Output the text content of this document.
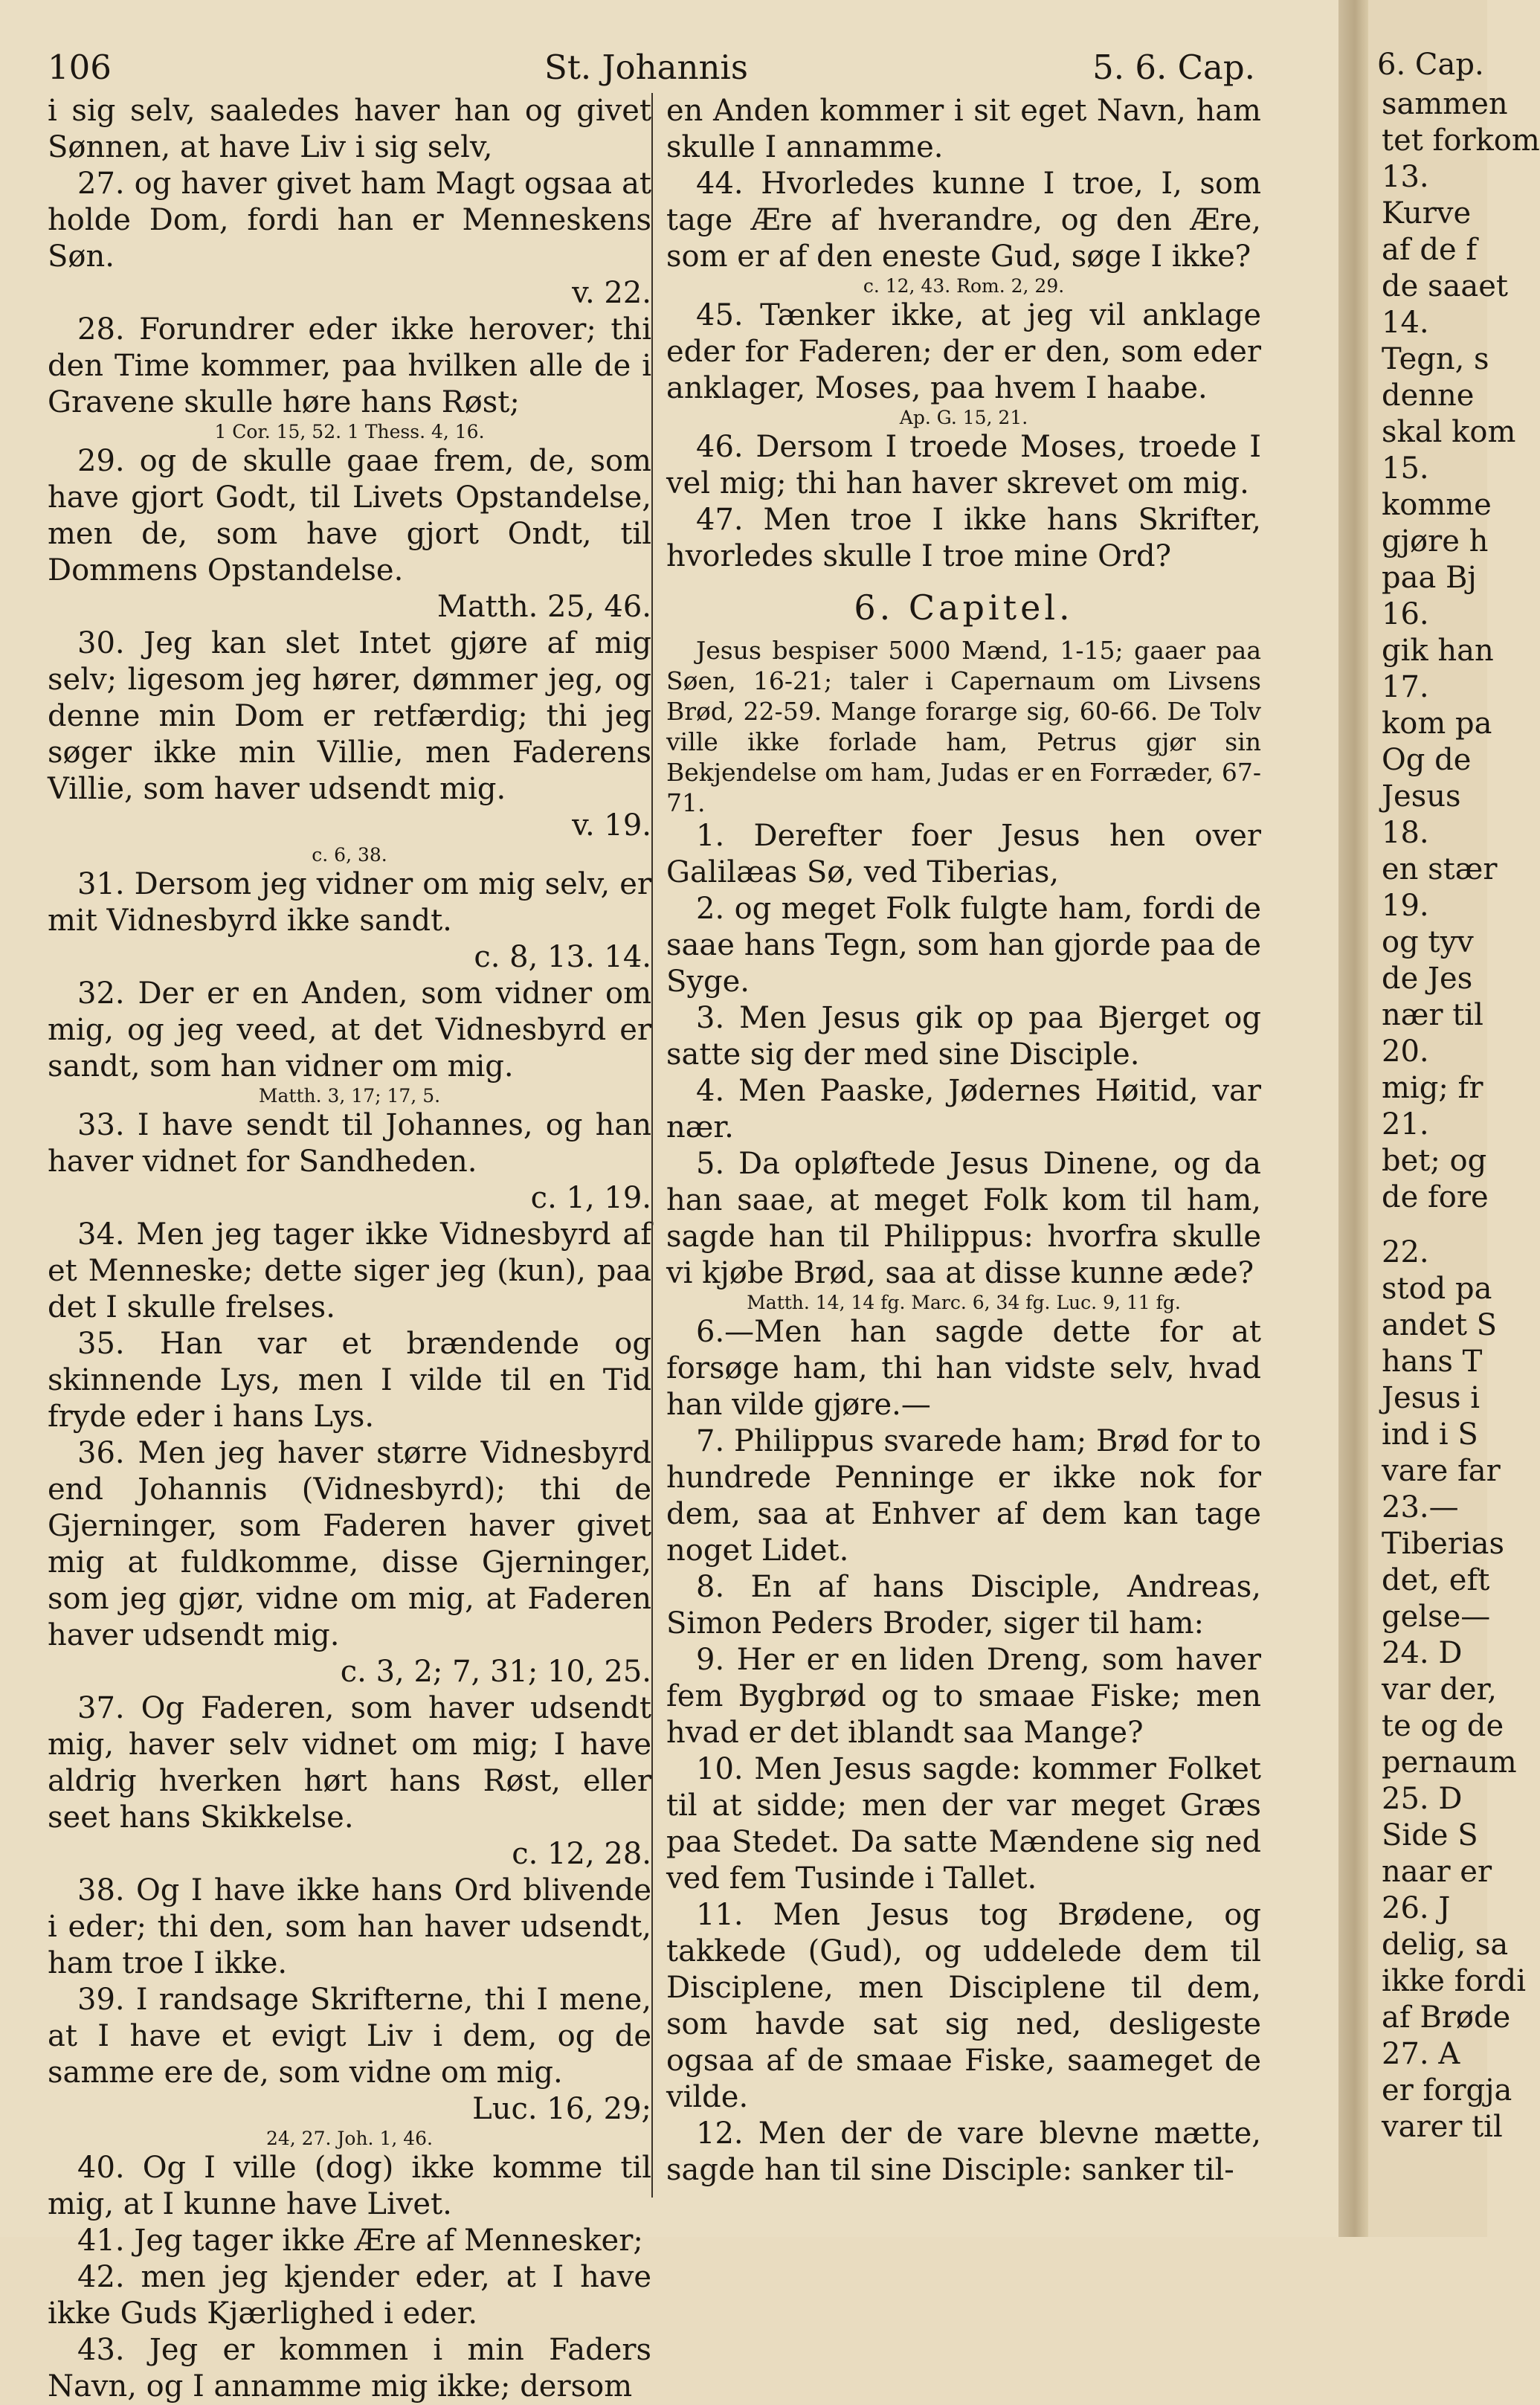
106	St. Johannis	5. 6. Cap.

i sig selv, saaledes haver han og givet Sønnen, at have Liv i sig selv,

27. og haver givet ham Magt ogsaa at holde Dom, fordi han er Menneskens Søn.
v. 22.

28. Forundrer eder ikke herover; thi den Time kommer, paa hvilken alle de i Gravene skulle høre hans Røst;

1 Cor. 15, 52. 1 Thess. 4, 16.

29. og de skulle gaae frem, de, som have gjort Godt, til Livets Opstandelse, men de, som have gjort Ondt, til Dommens Opstandelse.
Matth. 25, 46.

30. Jeg kan slet Intet gjøre af mig selv; ligesom jeg hører, dømmer jeg, og denne min Dom er retfærdig; thi jeg søger ikke min Villie, men Faderens Villie, som haver udsendt mig.
v. 19.

c. 6, 38.

31. Dersom jeg vidner om mig selv, er mit Vidnesbyrd ikke sandt.
c. 8, 13. 14.

32. Der er en Anden, som vidner om mig, og jeg veed, at det Vidnesbyrd er sandt, som han vidner om mig.

Matth. 3, 17; 17, 5.

33. I have sendt til Johannes, og han haver vidnet for Sandheden.
c. 1, 19.

34. Men jeg tager ikke Vidnesbyrd af et Menneske; dette siger jeg (kun), paa det I skulle frelses.

35. Han var et brændende og skinnende Lys, men I vilde til en Tid fryde eder i hans Lys.

36. Men jeg haver større Vidnesbyrd end Johannis (Vidnesbyrd); thi de Gjerninger, som Faderen haver givet mig at fuldkomme, disse Gjerninger, som jeg gjør, vidne om mig, at Faderen haver udsendt mig.
c. 3, 2; 7, 31; 10, 25.

37. Og Faderen, som haver udsendt mig, haver selv vidnet om mig; I have aldrig hverken hørt hans Røst, eller seet hans Skikkelse.
c. 12, 28.

38. Og I have ikke hans Ord blivende i eder; thi den, som han haver udsendt, ham troe I ikke.

39. I randsage Skrifterne, thi I mene, at I have et evigt Liv i dem, og de samme ere de, som vidne om mig.
Luc. 16, 29;

24, 27. Joh. 1, 46.

40. Og I ville (dog) ikke komme til mig, at I kunne have Livet.

41. Jeg tager ikke Ære af Mennesker;

42. men jeg kjender eder, at I have ikke Guds Kjærlighed i eder.

43. Jeg er kommen i min Faders Navn, og I annamme mig ikke; dersom

en Anden kommer i sit eget Navn, ham skulle I annamme.

44. Hvorledes kunne I troe, I, som tage Ære af hverandre, og den Ære, som er af den eneste Gud, søge I ikke?

c. 12, 43. Rom. 2, 29.

45. Tænker ikke, at jeg vil anklage eder for Faderen; der er den, som eder anklager, Moses, paa hvem I haabe.

Ap. G. 15, 21.

46. Dersom I troede Moses, troede I vel mig; thi han haver skrevet om mig.

47. Men troe I ikke hans Skrifter, hvorledes skulle I troe mine Ord?

6. Capitel.

Jesus bespiser 5000 Mænd, 1-15; gaaer paa Søen, 16-21; taler i Capernaum om Livsens Brød, 22-59. Mange forarge sig, 60-66. De Tolv ville ikke forlade ham, Petrus gjør sin Bekjendelse om ham, Judas er en Forræder, 67-71.

1. Derefter foer Jesus hen over Galilæas Sø, ved Tiberias,

2. og meget Folk fulgte ham, fordi de saae hans Tegn, som han gjorde paa de Syge.

3. Men Jesus gik op paa Bjerget og satte sig der med sine Disciple.

4. Men Paaske, Jødernes Høitid, var nær.

5. Da opløftede Jesus Dinene, og da han saae, at meget Folk kom til ham, sagde han til Philippus: hvorfra skulle vi kjøbe Brød, saa at disse kunne æde?

Matth. 14, 14 fg. Marc. 6, 34 fg. Luc. 9, 11 fg.

6.—Men han sagde dette for at forsøge ham, thi han vidste selv, hvad han vilde gjøre.—

7. Philippus svarede ham; Brød for to hundrede Penninge er ikke nok for dem, saa at Enhver af dem kan tage noget Lidet.

8. En af hans Disciple, Andreas, Simon Peders Broder, siger til ham:

9. Her er en liden Dreng, som haver fem Bygbrød og to smaae Fiske; men hvad er det iblandt saa Mange?

10. Men Jesus sagde: kommer Folket til at sidde; men der var meget Græs paa Stedet. Da satte Mændene sig ned ved fem Tusinde i Tallet.

11. Men Jesus tog Brødene, og takkede (Gud), og uddelede dem til Disciplene, men Disciplene til dem, som havde sat sig ned, desligeste ogsaa af de smaae Fiske, saameget de vilde.

12. Men der de vare blevne mætte, sagde han til sine Disciple: sanker til-

6. Cap.

sammen

tet forkom

13.

Kurve

af de f

de saaet

14.

Tegn, s

denne

skal kom

15.

komme

gjøre h

paa Bj

16.

gik han

17.

kom pa

Og de

Jesus

18.

en stær

19.

og tyv

de Jes

nær til

20.

mig; fr

21.

bet; og

de fore

22.

stod pa

andet S

hans T

Jesus i

ind i S

vare far

23.—

Tiberias

det, eft

gelse—

24. D

var der,

te og de

pernaum

25. D

Side S

naar er

26. J

delig, sa

ikke fordi

af Brøde

27. A

er forgja

varer til
